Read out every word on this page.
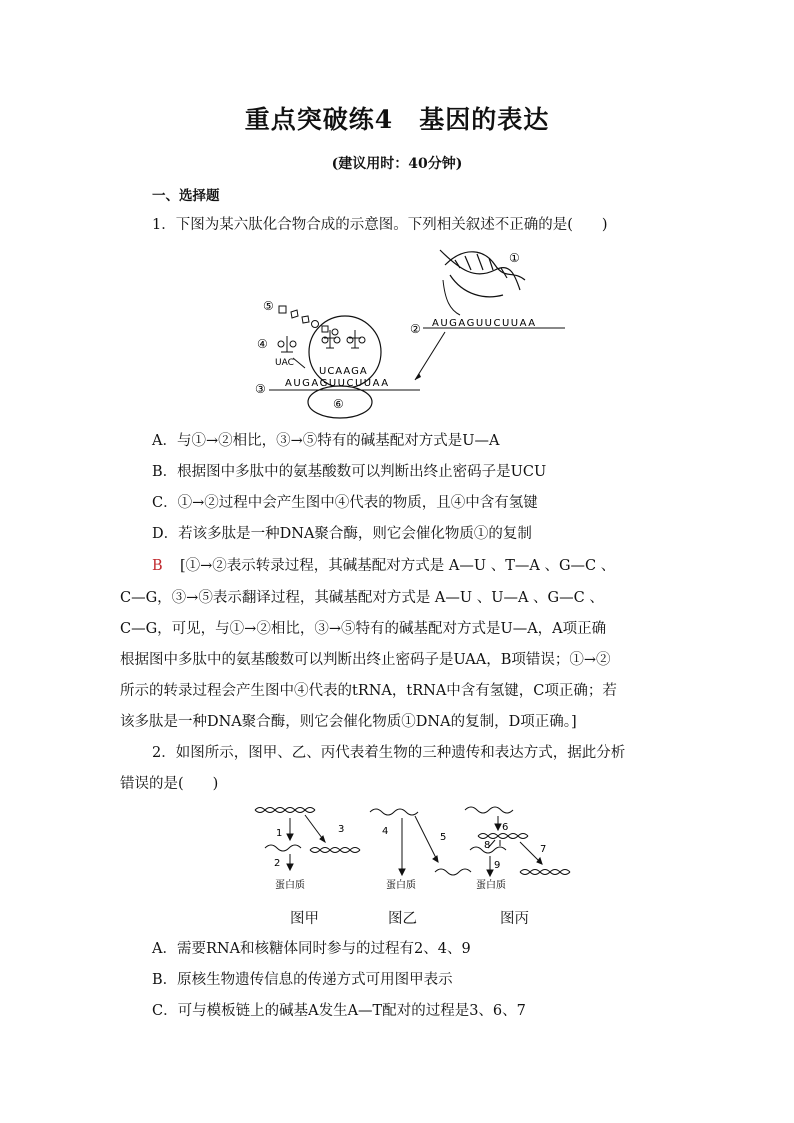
重点突破练4　基因的表达
(建议用时：40分钟)
一、选择题
1．下图为某六肽化合物合成的示意图。下列相关叙述不正确的是(　　)
①
② AUGAGUUCUUAA
⑥
UCAAGA
③ AUGAGUUCUUAA
⑤
④
UAC
A．与①→②相比，③→⑤特有的碱基配对方式是U—A
B．根据图中多肽中的氨基酸数可以判断出终止密码子是UCU
C．①→②过程中会产生图中④代表的物质，且④中含有氢键
D．若该多肽是一种DNA聚合酶，则它会催化物质①的复制
B [①→②表示转录过程，其碱基配对方式是 A—U 、T—A 、G—C 、
C—G，③→⑤表示翻译过程，其碱基配对方式是 A—U 、U—A 、G—C 、
C—G，可见，与①→②相比，③→⑤特有的碱基配对方式是U—A，A项正确
根据图中多肽中的氨基酸数可以判断出终止密码子是UAA，B项错误；①→②
所示的转录过程会产生图中④代表的tRNA，tRNA中含有氢键，C项正确；若
该多肽是一种DNA聚合酶，则它会催化物质①DNA的复制，D项正确。]
2．如图所示，图甲、乙、丙代表着生物的三种遗传和表达方式，据此分析
错误的是(　　)
1
2
3	4
5
6
7
8
9
蛋白质	蛋白质	蛋白质
图甲	图乙	图丙
A．需要RNA和核糖体同时参与的过程有2、4、9
B．原核生物遗传信息的传递方式可用图甲表示
C．可与模板链上的碱基A发生A—T配对的过程是3、6、7
